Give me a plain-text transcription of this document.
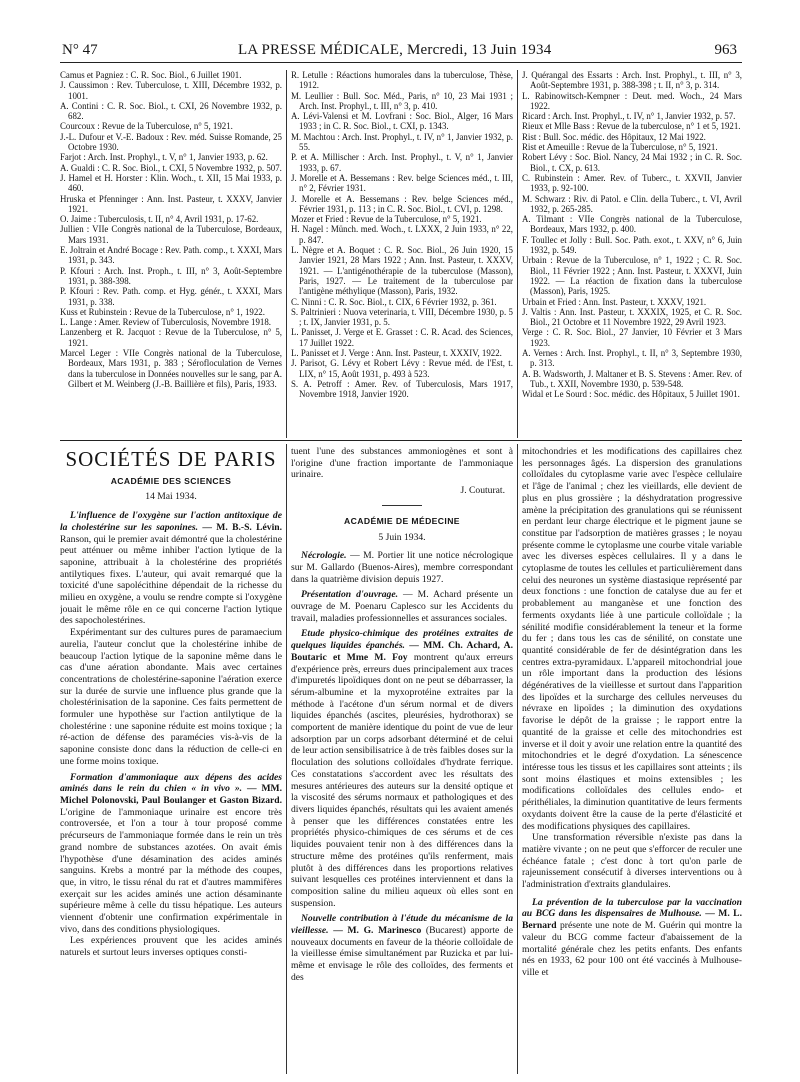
N° 47	LA PRESSE MÉDICALE, Mercredi, 13 Juin 1934	963

Camus et Pagniez : C. R. Soc. Biol., 6 Juillet 1901.

J. Caussimon : Rev. Tuberculose, t. XIII, Décembre 1932, p. 1001.

A. Contini : C. R. Soc. Biol., t. CXI, 26 Novembre 1932, p. 682.

Courcoux : Revue de la Tuberculose, n° 5, 1921.

J.-L. Dufour et V.-E. Badoux : Rev. méd. Suisse Romande, 25 Octobre 1930.

Farjot : Arch. Inst. Prophyl., t. V, n° 1, Janvier 1933, p. 62.

A. Gualdi : C. R. Soc. Biol., t. CXI, 5 Novembre 1932, p. 507.

J. Hamel et H. Horster : Klin. Woch., t. XII, 15 Mai 1933, p. 460.

Hruska et Pfenninger : Ann. Inst. Pasteur, t. XXXV, Janvier 1921.

O. Jaime : Tuberculosis, t. II, n° 4, Avril 1931, p. 17-62.

Jullien : VIIe Congrès national de la Tuberculose, Bordeaux, Mars 1931.

E. Joltrain et André Bocage : Rev. Path. comp., t. XXXI, Mars 1931, p. 343.

P. Kfouri : Arch. Inst. Proph., t. III, n° 3, Août-Septembre 1931, p. 388-398.

P. Kfouri : Rev. Path. comp. et Hyg. génér., t. XXXI, Mars 1931, p. 338.

Kuss et Rubinstein : Revue de la Tuberculose, n° 1, 1922.

L. Lange : Amer. Review of Tuberculosis, Novembre 1918.

Lanzenberg et R. Jacquot : Revue de la Tuberculose, n° 5, 1921.

Marcel Leger : VIIe Congrès national de la Tuberculose, Bordeaux, Mars 1931, p. 383 ; Sérofloculation de Vernes dans la tuberculose in Données nouvelles sur le sang, par A. Gilbert et M. Weinberg (J.-B. Baillière et fils), Paris, 1933.

R. Letulle : Réactions humorales dans la tuberculose, Thèse, 1912.

M. Leullier : Bull. Soc. Méd., Paris, n° 10, 23 Mai 1931 ; Arch. Inst. Prophyl., t. III, n° 3, p. 410.

A. Lévi-Valensi et M. Lovfrani : Soc. Biol., Alger, 16 Mars 1933 ; in C. R. Soc. Biol., t. CXI, p. 1343.

M. Machtou : Arch. Inst. Prophyl., t. IV, n° 1, Janvier 1932, p. 55.

P. et A. Millischer : Arch. Inst. Prophyl., t. V, n° 1, Janvier 1933, p. 67.

J. Morelle et A. Bessemans : Rev. belge Sciences méd., t. III, n° 2, Février 1931.

J. Morelle et A. Bessemans : Rev. belge Sciences méd., Février 1931, p. 113 ; in C. R. Soc. Biol., t. CVI, p. 1298.

Mozer et Fried : Revue de la Tuberculose, n° 5, 1921.

H. Nagel : Münch. med. Woch., t. LXXX, 2 Juin 1933, n° 22, p. 847.

L. Nègre et A. Boquet : C. R. Soc. Biol., 26 Juin 1920, 15 Janvier 1921, 28 Mars 1922 ; Ann. Inst. Pasteur, t. XXXV, 1921. — L'antigénothérapie de la tuberculose (Masson), Paris, 1927. — Le traitement de la tuberculose par l'antigène méthylique (Masson), Paris, 1932.

C. Ninni : C. R. Soc. Biol., t. CIX, 6 Février 1932, p. 361.

S. Paltrinieri : Nuova veterinaria, t. VIII, Décembre 1930, p. 5 ; t. IX, Janvier 1931, p. 5.

L. Panisset, J. Verge et E. Grasset : C. R. Acad. des Sciences, 17 Juillet 1922.

L. Panisset et J. Verge : Ann. Inst. Pasteur, t. XXXIV, 1922.

J. Parisot, G. Lévy et Robert Lévy : Revue méd. de l'Est, t. LIX, n° 15, Août 1931, p. 493 à 523.

S. A. Petroff : Amer. Rev. of Tuberculosis, Mars 1917, Novembre 1918, Janvier 1920.

J. Quérangal des Essarts : Arch. Inst. Prophyl., t. III, n° 3, Août-Septembre 1931, p. 388-398 ; t. II, n° 3, p. 314.

L. Rabinowitsch-Kempner : Deut. med. Woch., 24 Mars 1922.

Ricard : Arch. Inst. Prophyl., t. IV, n° 1, Janvier 1932, p. 57.

Rieux et Mlle Bass : Revue de la tuberculose, n° 1 et 5, 1921.

Rist : Bull. Soc. médic. des Hôpitaux, 12 Mai 1922.

Rist et Ameuille : Revue de la Tuberculose, n° 5, 1921.

Robert Lévy : Soc. Biol. Nancy, 24 Mai 1932 ; in C. R. Soc. Biol., t. CX, p. 613.

C. Rubinstein : Amer. Rev. of Tuberc., t. XXVII, Janvier 1933, p. 92-100.

M. Schwarz : Riv. di Patol. e Clin. della Tuberc., t. VI, Avril 1932, p. 265-285.

A. Tilmant : VIIe Congrès national de la Tuberculose, Bordeaux, Mars 1932, p. 400.

F. Toullec et Jolly : Bull. Soc. Path. exot., t. XXV, n° 6, Juin 1932, p. 549.

Urbain : Revue de la Tuberculose, n° 1, 1922 ; C. R. Soc. Biol., 11 Février 1922 ; Ann. Inst. Pasteur, t. XXXVI, Juin 1922. — La réaction de fixation dans la tuberculose (Masson), Paris, 1925.

Urbain et Fried : Ann. Inst. Pasteur, t. XXXV, 1921.

J. Valtis : Ann. Inst. Pasteur, t. XXXIX, 1925, et C. R. Soc. Biol., 21 Octobre et 11 Novembre 1922, 29 Avril 1923.

Verge : C. R. Soc. Biol., 27 Janvier, 10 Février et 3 Mars 1923.

A. Vernes : Arch. Inst. Prophyl., t. II, n° 3, Septembre 1930, p. 313.

A. B. Wadsworth, J. Maltaner et B. S. Stevens : Amer. Rev. of Tub., t. XXII, Novembre 1930, p. 539-548.

Widal et Le Sourd : Soc. médic. des Hôpitaux, 5 Juillet 1901.

SOCIÉTÉS DE PARIS
ACADÉMIE DES SCIENCES
14 Mai 1934.

L'influence de l'oxygène sur l'action antitoxique de la cholestérine sur les saponines. — M. B.-S. Lévin. Ranson, qui le premier avait démontré que la cholestérine peut atténuer ou même inhiber l'action lytique de la saponine, attribuait à la cholestérine des propriétés antilytiques fixes. L'auteur, qui avait remarqué que la toxicité d'une sapolécithine dépendait de la richesse du milieu en oxygène, a voulu se rendre compte si l'oxygène jouait le même rôle en ce qui concerne l'action lytique des sapocholestérines.

Expérimentant sur des cultures pures de paramaecium aurelia, l'auteur conclut que la cholestérine inhibe de beaucoup l'action lytique de la saponine même dans le cas d'une aération abondante. Mais avec certaines concentrations de cholestérine-saponine l'aération exerce sur la durée de survie une influence plus grande que la cholestérinisation de la saponine. Ces faits permettent de formuler une hypothèse sur l'action antilytique de la cholestérine : une saponine réduite est moins toxique ; la ré-action de défense des paramécies vis-à-vis de la saponine consiste donc dans la réduction de celle-ci en une forme moins toxique.

Formation d'ammoniaque aux dépens des acides aminés dans le rein du chien « in vivo ». — MM. Michel Polonovski, Paul Boulanger et Gaston Bizard. L'origine de l'ammoniaque urinaire est encore très controversée, et l'on a tour à tour proposé comme précurseurs de l'ammoniaque formée dans le rein un très grand nombre de substances azotées. On avait émis l'hypothèse d'une désamination des acides aminés sanguins. Krebs a montré par la méthode des coupes, que, in vitro, le tissu rénal du rat et d'autres mammifères exerçait sur les acides aminés une action désaminante supérieure même à celle du tissu hépatique. Les auteurs viennent d'obtenir une confirmation expérimentale in vivo, dans des conditions physiologiques.

Les expériences prouvent que les acides aminés naturels et surtout leurs inverses optiques consti-

tuent l'une des substances ammoniogènes et sont à l'origine d'une fraction importante de l'ammoniaque urinaire.

J. Couturat.
ACADÉMIE DE MÉDECINE
5 Juin 1934.

Nécrologie. — M. Portier lit une notice nécrologique sur M. Gallardo (Buenos-Aires), membre correspondant dans la quatrième division depuis 1927.

Présentation d'ouvrage. — M. Achard présente un ouvrage de M. Poenaru Caplesco sur les Accidents du travail, maladies professionnelles et assurances sociales.

Etude physico-chimique des protéines extraites de quelques liquides épanchés. — MM. Ch. Achard, A. Boutaric et Mme M. Foy montrent qu'aux erreurs d'expérience près, erreurs dues principalement aux traces d'impuretés lipoïdiques dont on ne peut se débarrasser, la sérum-albumine et la myxoprotéine extraites par la méthode à l'acétone d'un sérum normal et de divers liquides épanchés (ascites, pleurésies, hydrothorax) se comportent de manière identique du point de vue de leur adsorption par un corps adsorbant déterminé et de celui de leur action sensibilisatrice à de très faibles doses sur la floculation des solutions colloïdales d'hydrate ferrique. Ces constatations s'accordent avec les résultats des mesures antérieures des auteurs sur la densité optique et la viscosité des sérums normaux et pathologiques et des divers liquides épanchés, résultats qui les avaient amenés à penser que les différences constatées entre les propriétés physico-chimiques de ces sérums et de ces liquides pouvaient tenir non à des différences dans la structure même des protéines qu'ils renferment, mais plutôt à des différences dans les proportions relatives suivant lesquelles ces protéines interviennent et dans la composition saline du milieu aqueux où elles sont en suspension.

Nouvelle contribution à l'étude du mécanisme de la vieillesse. — M. G. Marinesco (Bucarest) apporte de nouveaux documents en faveur de la théorie colloïdale de la vieillesse émise simultanément par Ruzicka et par lui-même et envisage le rôle des colloïdes, des ferments et des

mitochondries et les modifications des capillaires chez les personnages âgés. La dispersion des granulations colloïdales du cytoplasme varie avec l'espèce cellulaire et l'âge de l'animal ; chez les vieillards, elle devient de plus en plus grossière ; la déshydratation progressive amène la précipitation des granulations qui se réunissent en perdant leur charge électrique et le pigment jaune se constitue par l'adsorption de matières grasses ; le noyau présente comme le cytoplasme une courbe vitale variable avec les diverses espèces cellulaires. Il y a dans le cytoplasme de toutes les cellules et particulièrement dans celui des neurones un système diastasique représenté par deux fonctions : une fonction de catalyse due au fer et probablement au manganèse et une fonction des ferments oxydants liée à une particule colloïdale ; la sénilité modifie considérablement la teneur et la forme du fer ; dans tous les cas de sénilité, on constate une quantité considérable de fer de désintégration dans les centres extra-pyramidaux. L'appareil mitochondrial joue un rôle important dans la production des lésions dégénératives de la vieillesse et surtout dans l'apparition des lipoïdes et la surcharge des cellules nerveuses du névraxe en lipoïdes ; la diminution des oxydations favorise le dépôt de la graisse ; le rapport entre la quantité de la graisse et celle des mitochondries est inverse et il doit y avoir une relation entre la quantité des mitochondries et le degré d'oxydation. La sénescence intéresse tous les tissus et les capillaires sont atteints ; ils sont moins élastiques et moins extensibles ; les modifications colloïdales des cellules endo- et périthéliales, la diminution quantitative de leurs ferments oxydants doivent être la cause de la perte d'élasticité et des modifications physiques des capillaires.

Une transformation réversible n'existe pas dans la matière vivante ; on ne peut que s'efforcer de reculer une échéance fatale ; c'est donc à tort qu'on parle de rajeunissement consécutif à diverses interventions ou à l'administration d'extraits glandulaires.

La prévention de la tuberculose par la vaccination au BCG dans les dispensaires de Mulhouse. — M. L. Bernard présente une note de M. Guérin qui montre la valeur du BCG comme facteur d'abaissement de la mortalité générale chez les petits enfants. Des enfants nés en 1933, 62 pour 100 ont été vaccinés à Mulhouse-ville et
